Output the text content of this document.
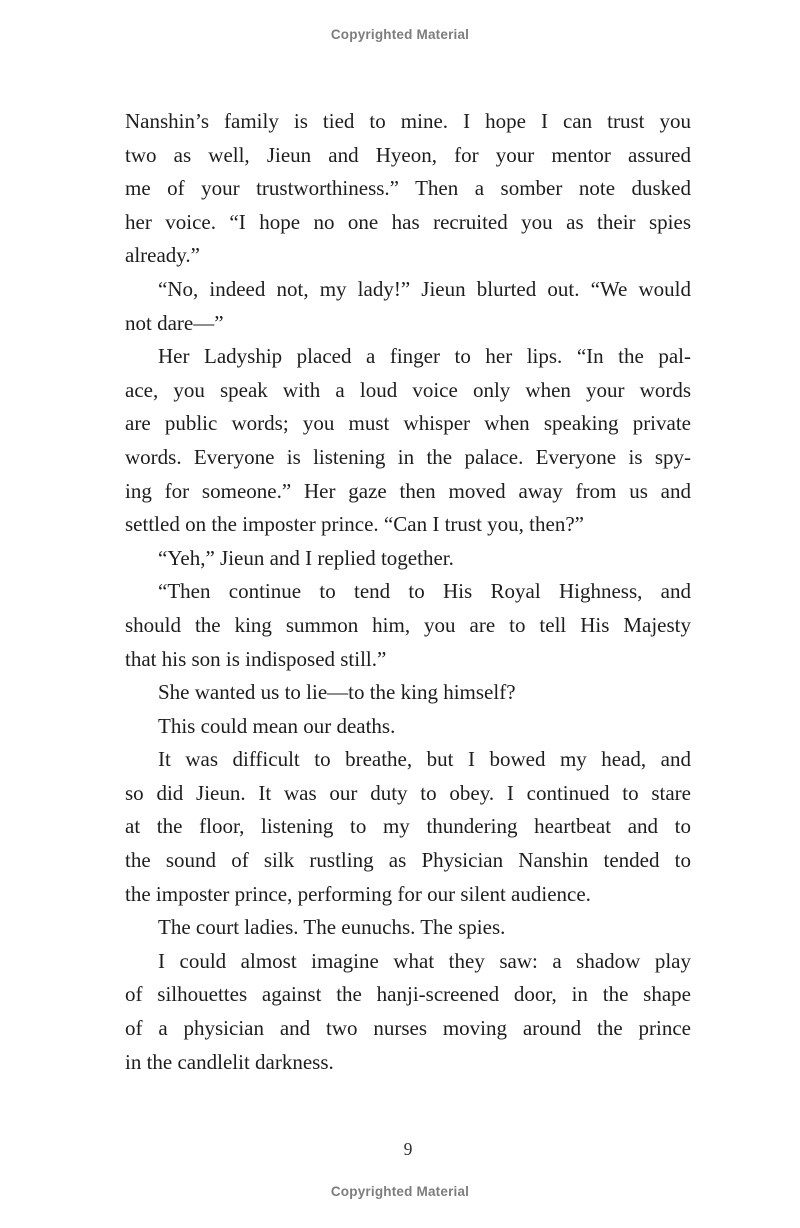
Copyrighted Material
Nanshin’s family is tied to mine. I hope I can trust you
two as well, Jieun and Hyeon, for your mentor assured
me of your trustworthiness.” Then a somber note dusked
her voice. “I hope no one has recruited you as their spies
already.”
“No, indeed not, my lady!” Jieun blurted out. “We would
not dare—”
Her Ladyship placed a finger to her lips. “In the pal-
ace, you speak with a loud voice only when your words
are public words; you must whisper when speaking private
words. Everyone is listening in the palace. Everyone is spy-
ing for someone.” Her gaze then moved away from us and
settled on the imposter prince. “Can I trust you, then?”
“Yeh,” Jieun and I replied together.
“Then continue to tend to His Royal Highness, and
should the king summon him, you are to tell His Majesty
that his son is indisposed still.”
She wanted us to lie—to the king himself?
This could mean our deaths.
It was difficult to breathe, but I bowed my head, and
so did Jieun. It was our duty to obey. I continued to stare
at the floor, listening to my thundering heartbeat and to
the sound of silk rustling as Physician Nanshin tended to
the imposter prince, performing for our silent audience.
The court ladies. The eunuchs. The spies.
I could almost imagine what they saw: a shadow play
of silhouettes against the hanji-screened door, in the shape
of a physician and two nurses moving around the prince
in the candlelit darkness.
9
Copyrighted Material
